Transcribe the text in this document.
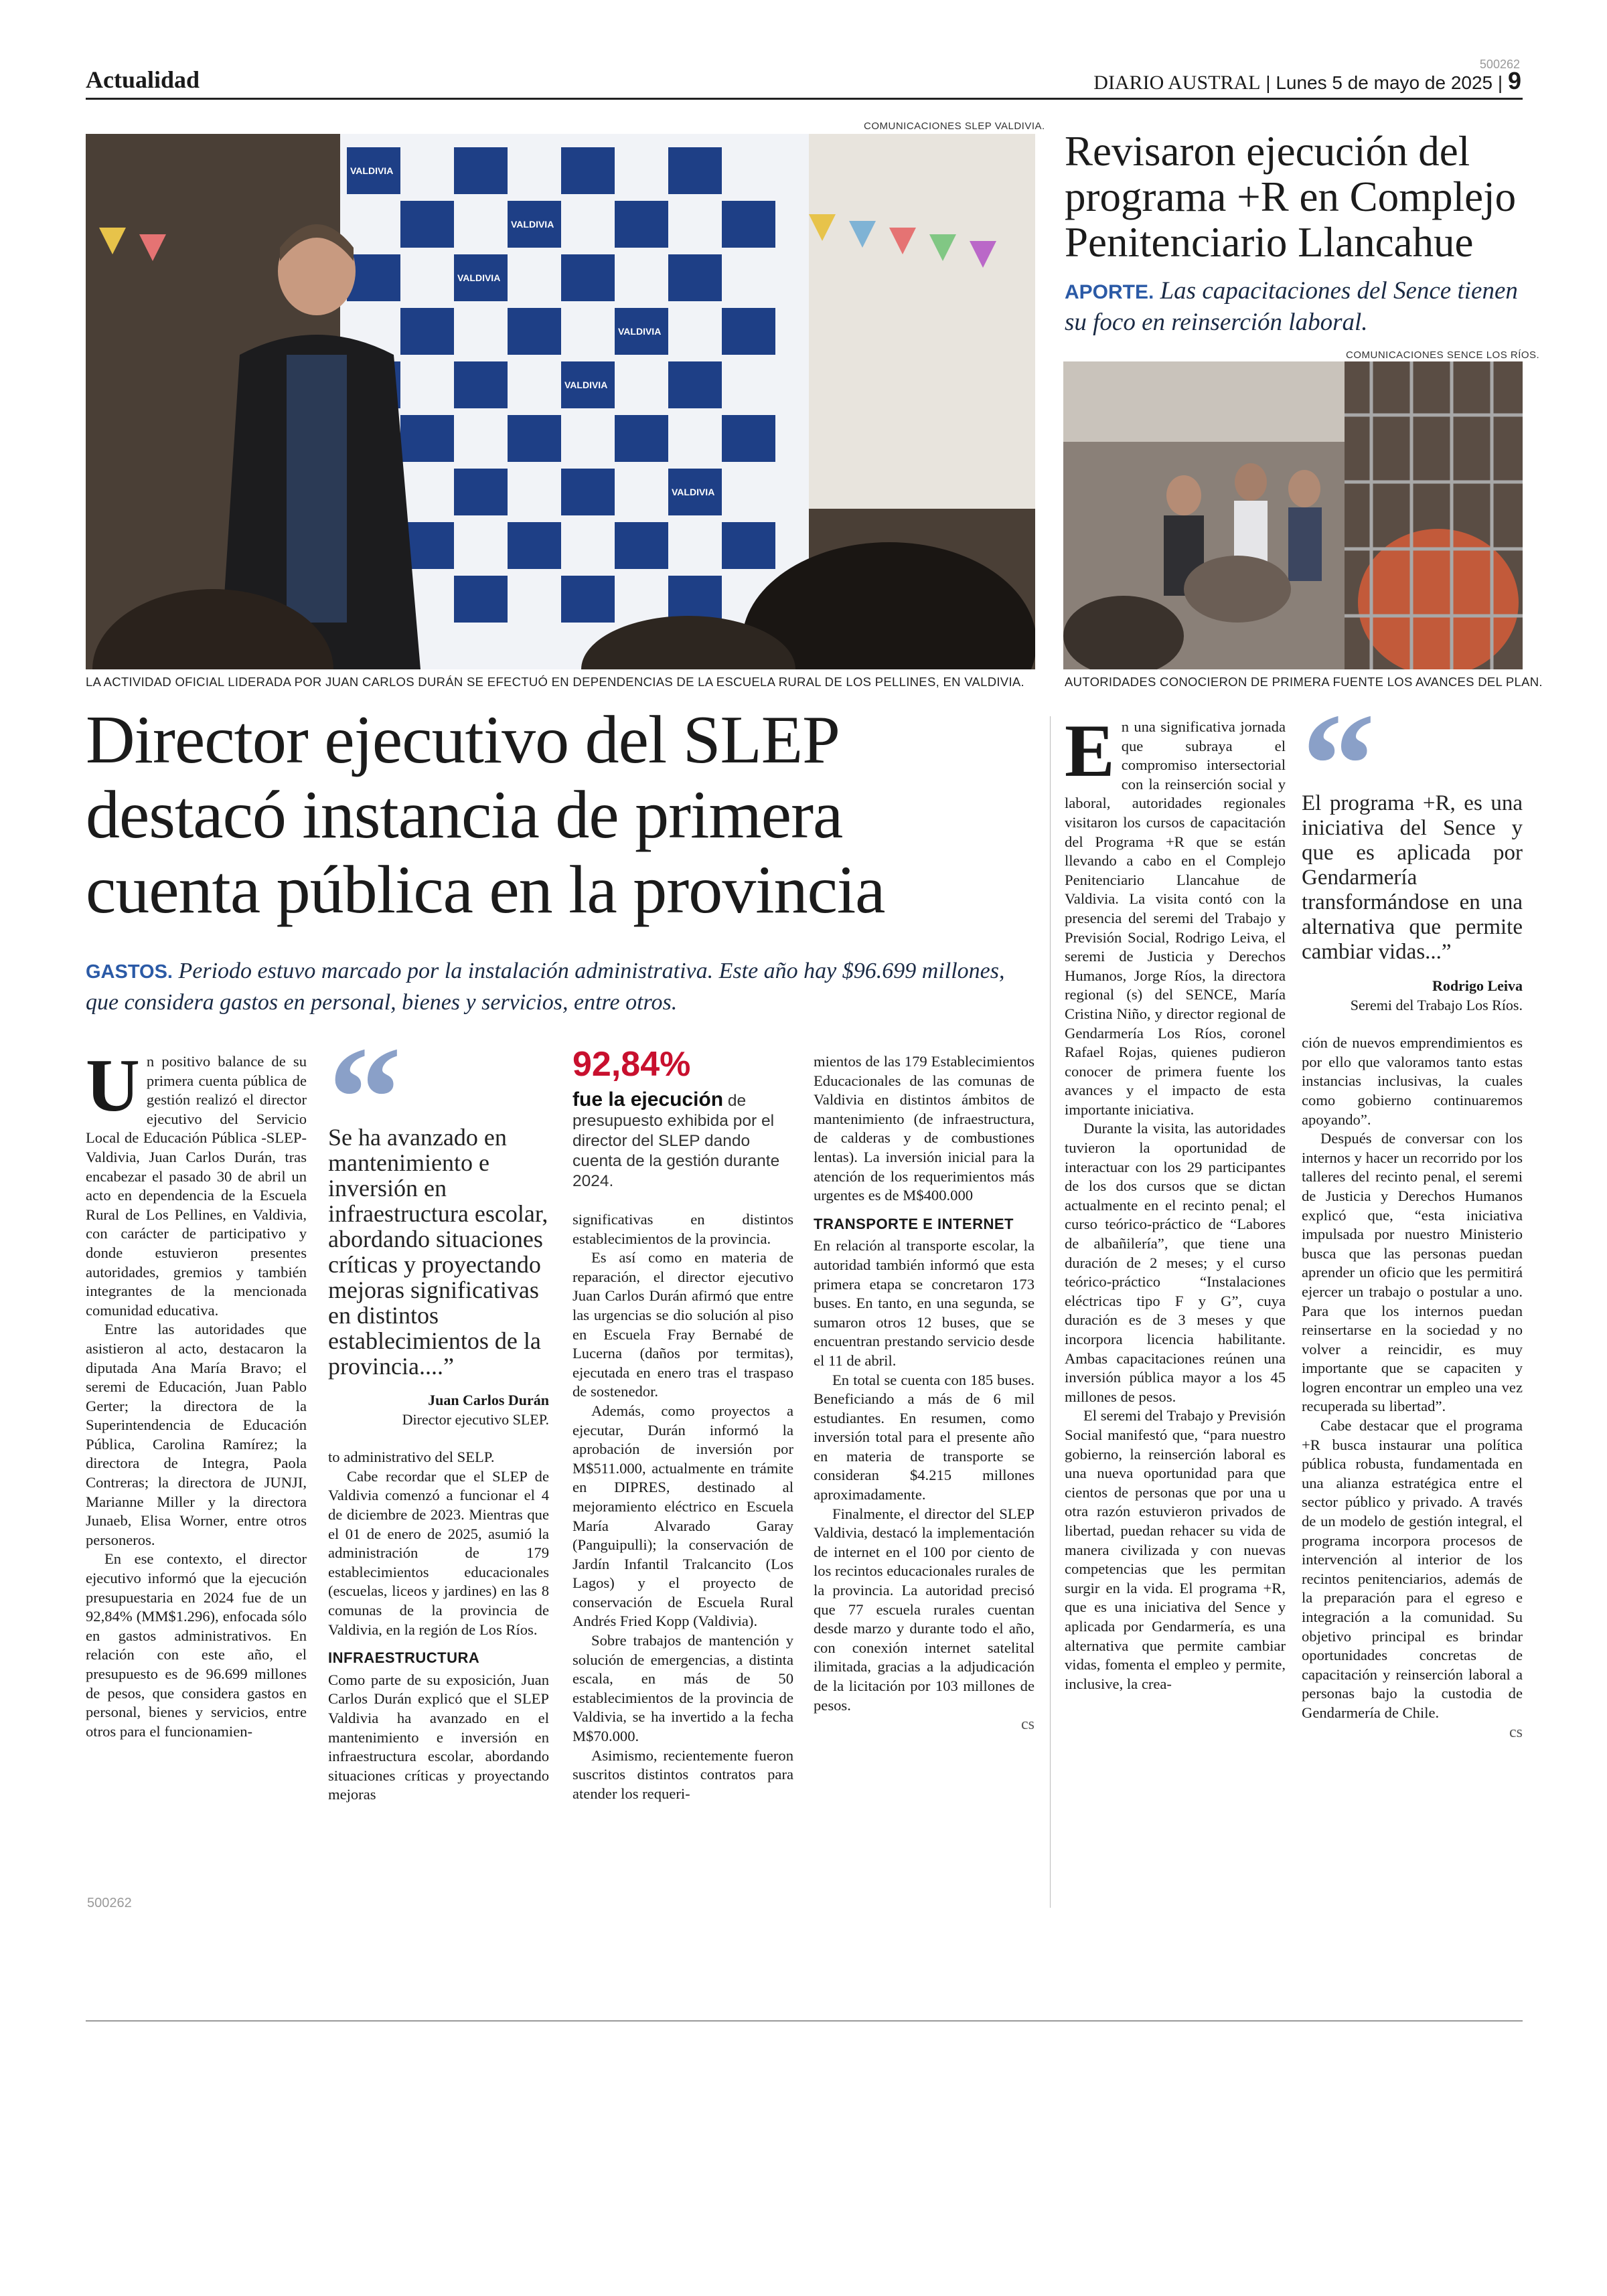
Actualidad
500262
DIARIO AUSTRAL | Lunes 5 de mayo de 2025 | 9
COMUNICACIONES SLEP VALDIVIA.
VALDIVIA
VALDIVIA
VALDIVIA
VALDIVIA
VALDIVIA
VALDIVIA
LA ACTIVIDAD OFICIAL LIDERADA POR JUAN CARLOS DURÁN SE EFECTUÓ EN DEPENDENCIAS DE LA ESCUELA RURAL DE LOS PELLINES, EN VALDIVIA.
Revisaron ejecución del
programa +R en Complejo
Penitenciario Llancahue
APORTE. Las capacitaciones del Sence tienen su foco en reinserción laboral.
COMUNICACIONES SENCE LOS RÍOS.
AUTORIDADES CONOCIERON DE PRIMERA FUENTE LOS AVANCES DEL PLAN.
Director ejecutivo del SLEP
destacó instancia de primera
cuenta pública en la provincia
GASTOS. Periodo estuvo marcado por la instalación administrativa. Este año hay $96.699 millones, que considera gastos en personal, bienes y servicios, entre otros.

Un positivo balance de su primera cuenta pública de gestión realizó el director ejecutivo del Servicio Local de Educación Pública -SLEP- Valdivia, Juan Carlos Durán, tras encabezar el pasado 30 de abril un acto en dependencia de la Escuela Rural de Los Pellines, en Valdivia, con carácter de participativo y donde estuvieron presentes autoridades, gremios y también integrantes de la mencionada comunidad educativa.

Entre las autoridades que asistieron al acto, destacaron la diputada Ana María Bravo; el seremi de Educación, Juan Pablo Gerter; la directora de la Superintendencia de Educación Pública, Carolina Ramírez; la directora de Integra, Paola Contreras; la directora de JUNJI, Marianne Miller y la directora Junaeb, Elisa Worner, entre otros personeros.

En ese contexto, el director ejecutivo informó que la ejecución presupuestaria en 2024 fue de un 92,84% (MM$1.296), enfocada sólo en gastos administrativos. En relación con este año, el presupuesto es de 96.699 millones de pesos, que considera gastos en personal, bienes y servicios, entre otros para el funcionamien-

500262
Se ha avanzado en mantenimiento e inversión en infraestructura escolar, abordando situaciones críticas y proyectando mejoras significativas en distintos establecimientos de la provincia....”
Juan Carlos Durán
Director ejecutivo SLEP.

to administrativo del SELP.

Cabe recordar que el SLEP de Valdivia comenzó a funcionar el 4 de diciembre de 2023. Mientras que el 01 de enero de 2025, asumió la administración de 179 establecimientos educacionales (escuelas, liceos y jardines) en las 8 comunas de la provincia de Valdivia, en la región de Los Ríos.

INFRAESTRUCTURA

Como parte de su exposición, Juan Carlos Durán explicó que el SLEP Valdivia ha avanzado en el mantenimiento e inversión en infraestructura escolar, abordando situaciones críticas y proyectando mejoras

92,84%
fue la ejecución de presupuesto exhibida por el director del SLEP dando cuenta de la gestión durante 2024.

significativas en distintos establecimientos de la provincia.

Es así como en materia de reparación, el director ejecutivo Juan Carlos Durán afirmó que entre las urgencias se dio solución al piso en Escuela Fray Bernabé de Lucerna (daños por termitas), ejecutada en enero tras el traspaso de sostenedor.

Además, como proyectos a ejecutar, Durán informó la aprobación de inversión por M$511.000, actualmente en trámite en DIPRES, destinado al mejoramiento eléctrico en Escuela María Alvarado Garay (Panguipulli); la conservación de Jardín Infantil Tralcancito (Los Lagos) y el proyecto de conservación de Escuela Rural Andrés Fried Kopp (Valdivia).

Sobre trabajos de mantención y solución de emergencias, a distinta escala, en más de 50 establecimientos de la provincia de Valdivia, se ha invertido a la fecha M$70.000.

Asimismo, recientemente fueron suscritos distintos contratos para atender los requeri-

mientos de las 179 Establecimientos Educacionales de las comunas de Valdivia en distintos ámbitos de mantenimiento (de infraestructura, de calderas y de combustiones lentas). La inversión inicial para la atención de los requerimientos más urgentes es de M$400.000

TRANSPORTE E INTERNET

En relación al transporte escolar, la autoridad también informó que esta primera etapa se concretaron 173 buses. En tanto, en una segunda, se sumaron otros 12 buses, que se encuentran prestando servicio desde el 11 de abril.

En total se cuenta con 185 buses. Beneficiando a más de 6 mil estudiantes. En resumen, como inversión total para el presente año en materia de transporte se consideran $4.215 millones aproximadamente.

Finalmente, el director del SLEP Valdivia, destacó la implementación de internet en el 100 por ciento de los recintos educacionales rurales de la provincia. La autoridad precisó que 77 escuela rurales cuentan desde marzo y durante todo el año, con conexión internet satelital ilimitada, gracias a la adjudicación de la licitación por 103 millones de pesos.

cs

En una significativa jornada que subraya el compromiso intersectorial con la reinserción social y laboral, autoridades regionales visitaron los cursos de capacitación del Programa +R que se están llevando a cabo en el Complejo Penitenciario Llancahue de Valdivia. La visita contó con la presencia del seremi del Trabajo y Previsión Social, Rodrigo Leiva, el seremi de Justicia y Derechos Humanos, Jorge Ríos, la directora regional (s) del SENCE, María Cristina Niño, y director regional de Gendarmería Los Ríos, coronel Rafael Rojas, quienes pudieron conocer de primera fuente los avances y el impacto de esta importante iniciativa.

Durante la visita, las autoridades tuvieron la oportunidad de interactuar con los 29 participantes de los dos cursos que se dictan actualmente en el recinto penal; el curso teórico-práctico de “Labores de albañilería”, que tiene una duración de 2 meses; y el curso teórico-práctico “Instalaciones eléctricas tipo F y G”, cuya duración es de 3 meses y que incorpora licencia habilitante. Ambas capacitaciones reúnen una inversión pública mayor a los 45 millones de pesos.

El seremi del Trabajo y Previsión Social manifestó que, “para nuestro gobierno, la reinserción laboral es una nueva oportunidad para que cientos de personas que por una u otra razón estuvieron privados de libertad, puedan rehacer su vida de manera civilizada y con nuevas competencias que les permitan surgir en la vida. El programa +R, que es una iniciativa del Sence y aplicada por Gendarmería, es una alternativa que permite cambiar vidas, fomenta el empleo y permite, inclusive, la crea-

El programa +R, es una iniciativa del Sence y que es aplicada por Gendarmería transformándose en una alternativa que permite cambiar vidas...”
Rodrigo Leiva
Seremi del Trabajo Los Ríos.

ción de nuevos emprendimientos es por ello que valoramos tanto estas instancias inclusivas, la cuales como gobierno continuaremos apoyando”.

Después de conversar con los internos y hacer un recorrido por los talleres del recinto penal, el seremi de Justicia y Derechos Humanos explicó que, “esta iniciativa impulsada por nuestro Ministerio busca que las personas puedan aprender un oficio que les permitirá ejercer un trabajo o postular a uno. Para que los internos puedan reinsertarse en la sociedad y no volver a reincidir, es muy importante que se capaciten y logren encontrar un empleo una vez recuperada su libertad”.

Cabe destacar que el programa +R busca instaurar una política pública robusta, fundamentada en una alianza estratégica entre el sector público y privado. A través de un modelo de gestión integral, el programa incorpora procesos de intervención al interior de los recintos penitenciarios, además de la preparación para el egreso e integración a la comunidad. Su objetivo principal es brindar oportunidades concretas de capacitación y reinserción laboral a personas bajo la custodia de Gendarmería de Chile.

cs
